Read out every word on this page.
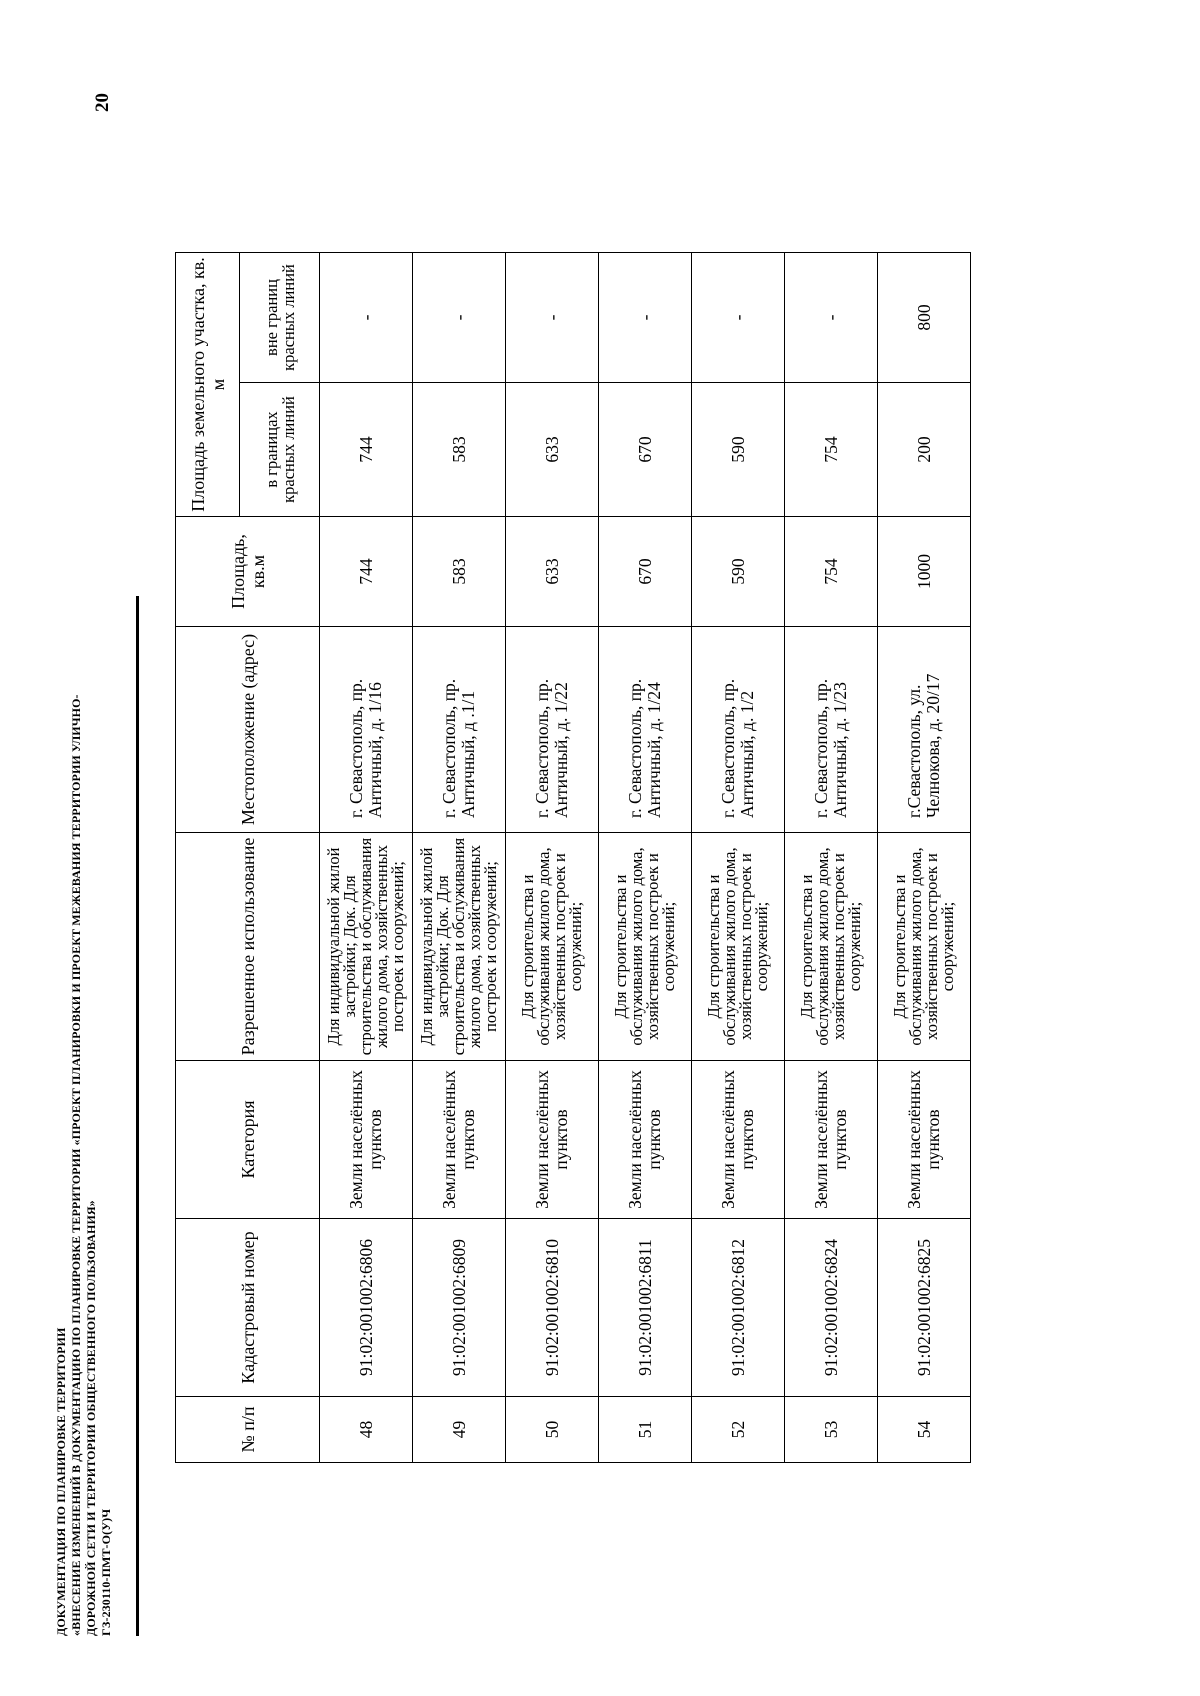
20
ДОКУМЕНТАЦИЯ ПО ПЛАНИРОВКЕ ТЕРРИТОРИИ «ВНЕСЕНИЕ ИЗМЕНЕНИЙ В ДОКУМЕНТАЦИЮ ПО ПЛАНИРОВКЕ ТЕРРИТОРИИ «ПРОЕКТ ПЛАНИРОВКИ И ПРОЕКТ МЕЖЕВАНИЯ ТЕРРИТОРИИ УЛИЧНО- ДОРОЖНОЙ СЕТИ И ТЕРРИТОРИИ ОБЩЕСТВЕННОГО ПОЛЬЗОВАНИЯ» ГЗ-230110-ПМТ-О(У)Ч
№ п/п	Кадастровый номер	Категория	Разрешенное использование	Местоположение (адрес)	Площадь, кв.м	Площадь земельного участка, кв. м	
						в границах красных линий	вне границ красных линий
48	91:02:001002:6806	Земли населённых пунктов	Для индивидуальной жилой застройки; Док. Для строительства и обслуживания жилого дома, хозяйственных построек и сооружений;	г. Севастополь, пр. Античный, д. 1/16	744	744	-
49	91:02:001002:6809	Земли населённых пунктов	Для индивидуальной жилой застройки; Док. Для строительства и обслуживания жилого дома, хозяйственных построек и сооружений;	г. Севастополь, пр. Античный, д .1/1	583	583	-
50	91:02:001002:6810	Земли населённых пунктов	Для строительства и обслуживания жилого дома, хозяйственных построек и сооружений;	г. Севастополь, пр. Античный, д. 1/22	633	633	-
51	91:02:001002:6811	Земли населённых пунктов	Для строительства и обслуживания жилого дома, хозяйственных построек и сооружений;	г. Севастополь, пр. Античный, д. 1/24	670	670	-
52	91:02:001002:6812	Земли населённых пунктов	Для строительства и обслуживания жилого дома, хозяйственных построек и сооружений;	г. Севастополь, пр. Античный, д. 1/2	590	590	-
53	91:02:001002:6824	Земли населённых пунктов	Для строительства и обслуживания жилого дома, хозяйственных построек и сооружений;	г. Севастополь, пр. Античный, д. 1/23	754	754	-
54	91:02:001002:6825	Земли населённых пунктов	Для строительства и обслуживания жилого дома, хозяйственных построек и сооружений;	г.Севастополь, ул. Челнокова, д. 20/17	1000	200	800
